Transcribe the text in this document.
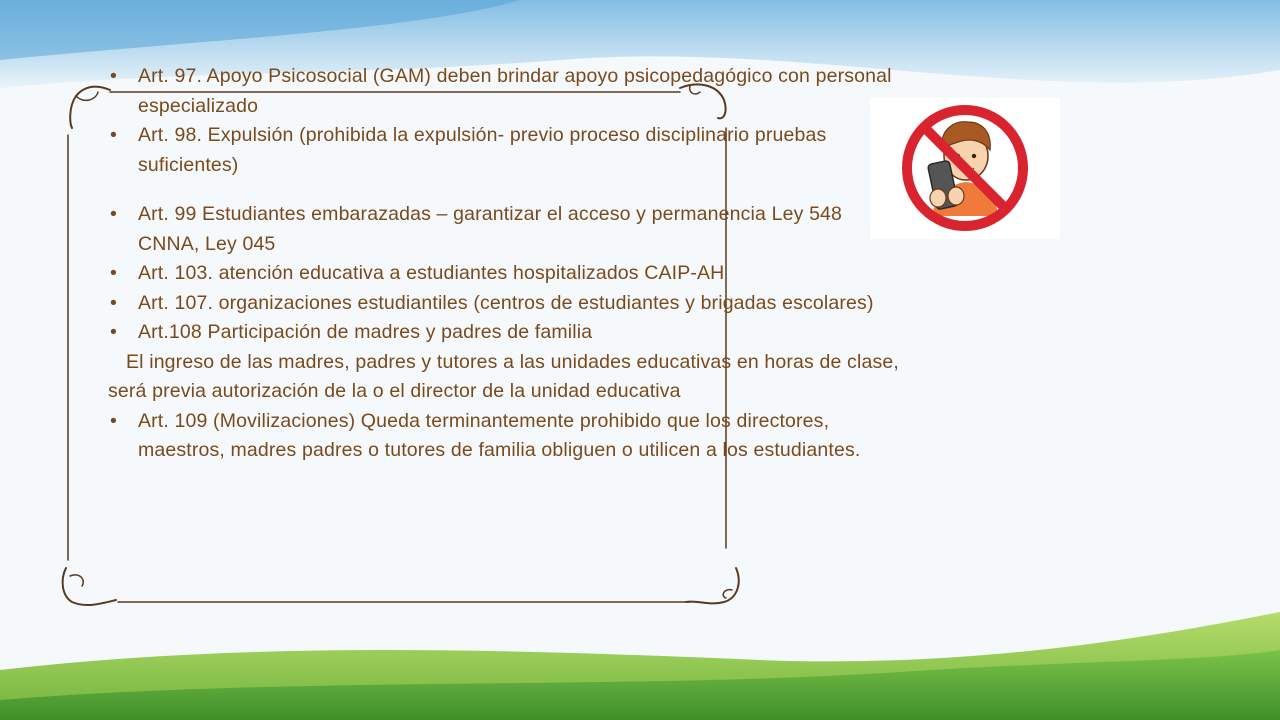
• Art. 97. Apoyo Psicosocial (GAM) deben brindar apoyo psicopedagógico con personal especializado
• Art. 98. Expulsión (prohibida la expulsión- previo proceso disciplinario pruebas suficientes)
• Art. 99 Estudiantes embarazadas – garantizar el acceso y permanencia Ley 548 CNNA, Ley 045
• Art. 103. atención educativa a estudiantes hospitalizados CAIP-AH
• Art. 107. organizaciones estudiantiles (centros de estudiantes y brigadas escolares)
• Art.108 Participación de madres y padres de familia
El ingreso de las madres, padres y tutores a las unidades educativas en horas de clase, será previa autorización de la o el director de la unidad educativa
• Art. 109 (Movilizaciones) Queda terminantemente prohibido que los directores, maestros, madres padres o tutores de familia obliguen o utilicen a los estudiantes.
